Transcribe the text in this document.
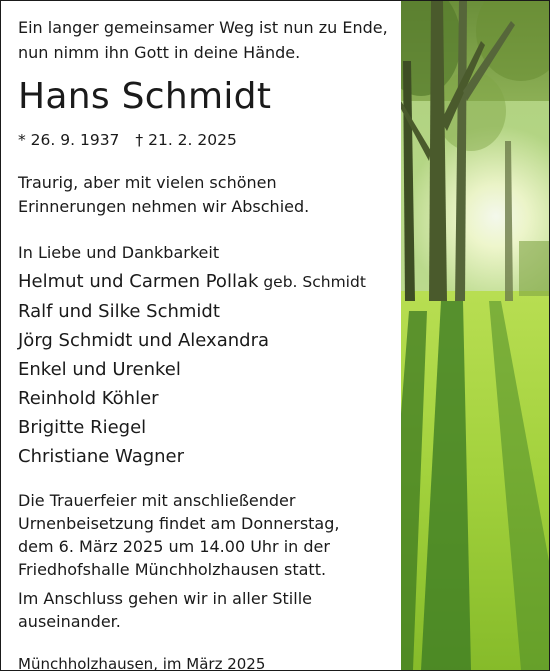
Ein langer gemeinsamer Weg ist nun zu Ende,
nun nimm ihn Gott in deine Hände.

Hans Schmidt

* 26. 9. 1937 † 21. 2. 2025

Traurig, aber mit vielen schönen
Erinnerungen nehmen wir Abschied.

In Liebe und Dankbarkeit

Helmut und Carmen Pollak geb. Schmidt

Ralf und Silke Schmidt

Jörg Schmidt und Alexandra

Enkel und Urenkel

Reinhold Köhler

Brigitte Riegel

Christiane Wagner

Die Trauerfeier mit anschließender
Urnenbeisetzung findet am Donnerstag,
dem 6. März 2025 um 14.00 Uhr in der
Friedhofshalle Münchholzhausen statt.

Im Anschluss gehen wir in aller Stille
auseinander.

Münchholzhausen, im März 2025
